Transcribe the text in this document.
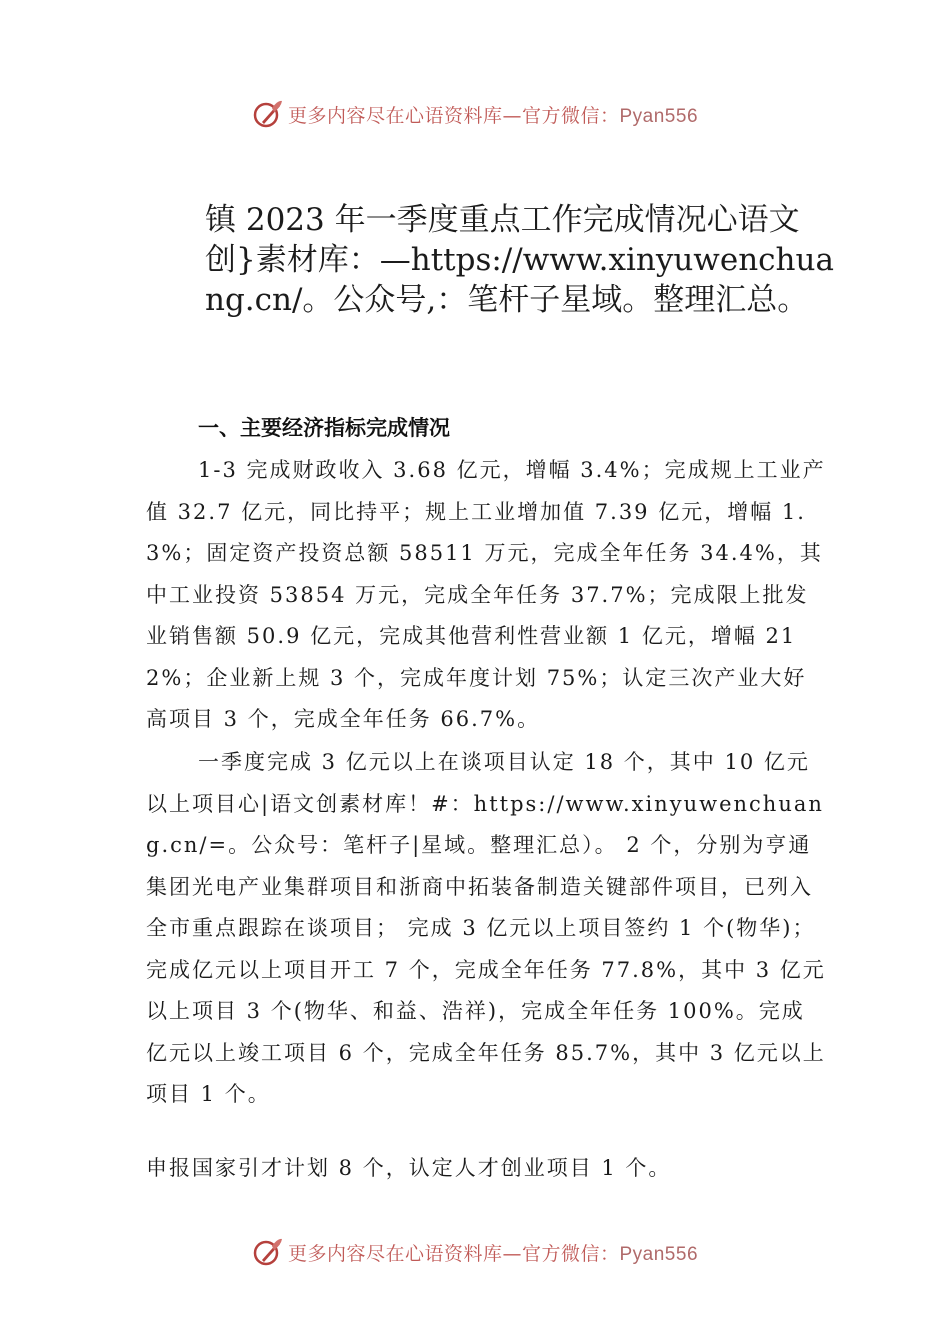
更多内容尽在心语资料库—官方微信：Pyan556
镇 2023 年一季度重点工作完成情况心语文创}素材库：—https://www.xinyuwenchuang.cn/。公众号,：笔杆子星域。整理汇总。
一、主要经济指标完成情况
1-3 完成财政收入 3.68 亿元，增幅 3.4%；完成规上工业产值 32.7 亿元，同比持平；规上工业增加值 7.39 亿元，增幅 1.3%；固定资产投资总额 58511 万元，完成全年任务 34.4%，其中工业投资 53854 万元，完成全年任务 37.7%；完成限上批发业销售额 50.9 亿元，完成其他营利性营业额 1 亿元，增幅 212%；企业新上规 3 个，完成年度计划 75%；认定三次产业大好高项目 3 个，完成全年任务 66.7%。
一季度完成 3 亿元以上在谈项目认定 18 个，其中 10 亿元以上项目心|语文创素材库！#：https://www.xinyuwenchuang.cn/=。公众号：笔杆子|星域。整理汇总）。 2 个，分别为亨通集团光电产业集群项目和浙商中拓装备制造关键部件项目，已列入全市重点跟踪在谈项目； 完成 3 亿元以上项目签约 1 个(物华)；完成亿元以上项目开工 7 个，完成全年任务 77.8%，其中 3 亿元以上项目 3 个(物华、和益、浩祥)，完成全年任务 100%。完成亿元以上竣工项目 6 个，完成全年任务 85.7%，其中 3 亿元以上项目 1 个。
申报国家引才计划 8 个，认定人才创业项目 1 个。
更多内容尽在心语资料库—官方微信：Pyan556
